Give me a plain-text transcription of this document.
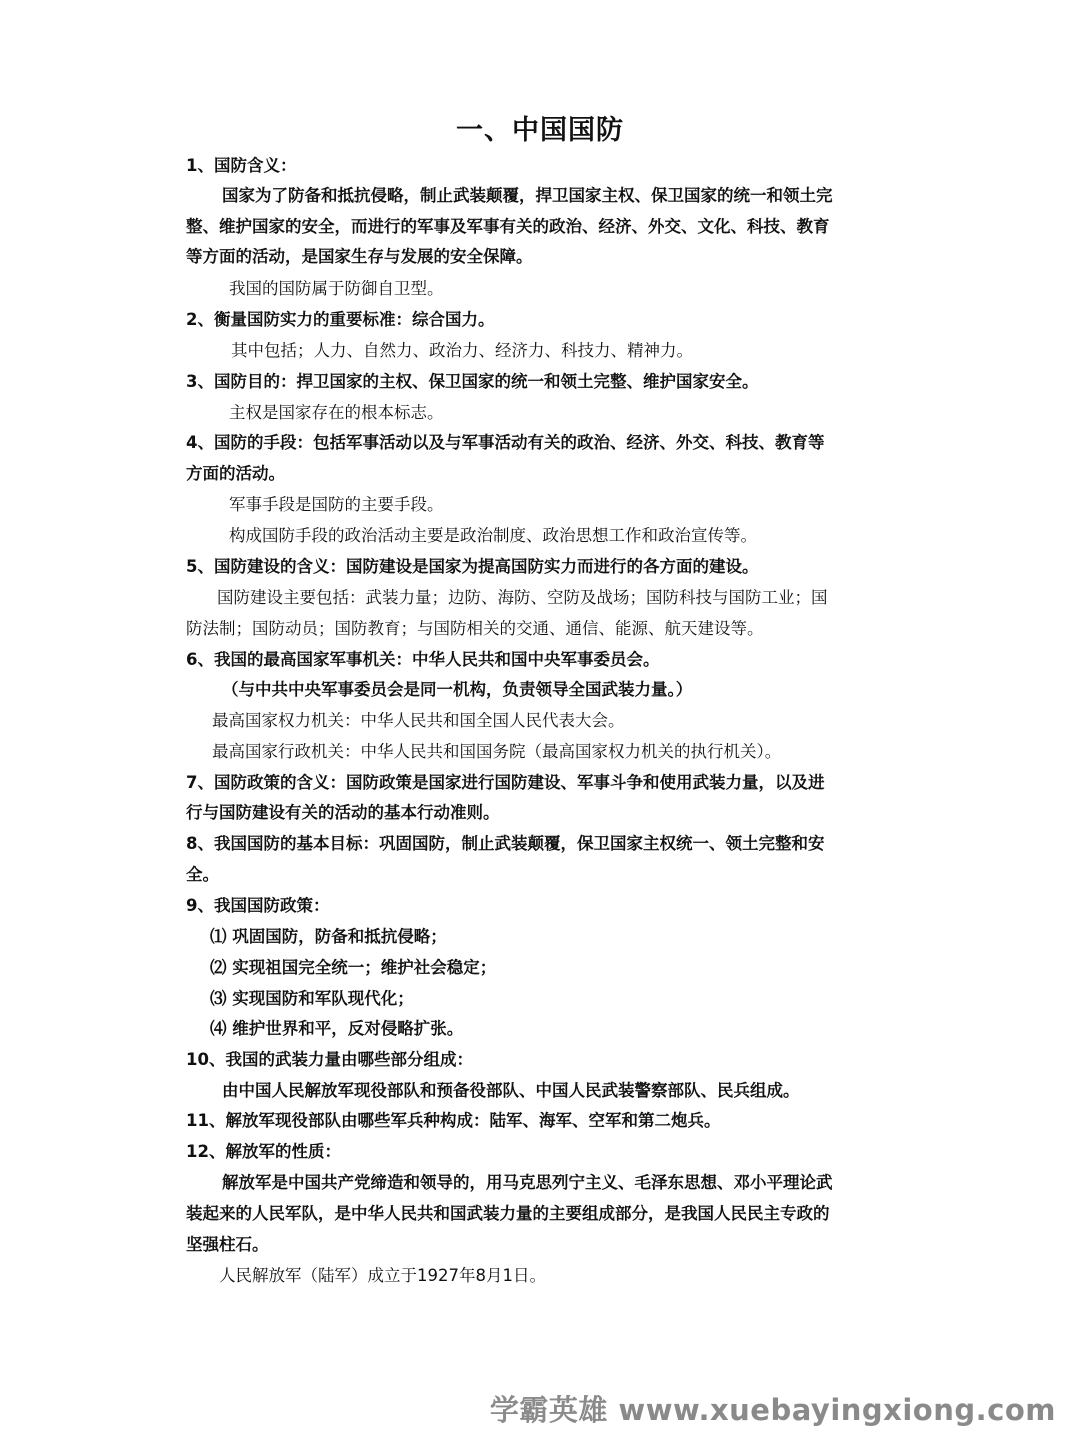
一、中国国防
1、国防含义：
国家为了防备和抵抗侵略，制止武装颠覆，捍卫国家主权、保卫国家的统一和领土完
整、维护国家的安全，而进行的军事及军事有关的政治、经济、外交、文化、科技、教育
等方面的活动，是国家生存与发展的安全保障。
我国的国防属于防御自卫型。
2、衡量国防实力的重要标准：综合国力。
其中包括；人力、自然力、政治力、经济力、科技力、精神力。
3、国防目的：捍卫国家的主权、保卫国家的统一和领土完整、维护国家安全。
主权是国家存在的根本标志。
4、国防的手段：包括军事活动以及与军事活动有关的政治、经济、外交、科技、教育等
方面的活动。
军事手段是国防的主要手段。
构成国防手段的政治活动主要是政治制度、政治思想工作和政治宣传等。
5、国防建设的含义：国防建设是国家为提高国防实力而进行的各方面的建设。
国防建设主要包括：武装力量；边防、海防、空防及战场；国防科技与国防工业；国
防法制；国防动员；国防教育；与国防相关的交通、通信、能源、航天建设等。
6、我国的最高国家军事机关：中华人民共和国中央军事委员会。
（与中共中央军事委员会是同一机构，负责领导全国武装力量。）
最高国家权力机关：中华人民共和国全国人民代表大会。
最高国家行政机关：中华人民共和国国务院（最高国家权力机关的执行机关）。
7、国防政策的含义：国防政策是国家进行国防建设、军事斗争和使用武装力量，以及进
行与国防建设有关的活动的基本行动准则。
8、我国国防的基本目标：巩固国防，制止武装颠覆，保卫国家主权统一、领土完整和安
全。
9、我国国防政策：
⑴ 巩固国防，防备和抵抗侵略；
⑵ 实现祖国完全统一；维护社会稳定；
⑶ 实现国防和军队现代化；
⑷ 维护世界和平，反对侵略扩张。
10、我国的武装力量由哪些部分组成：
由中国人民解放军现役部队和预备役部队、中国人民武装警察部队、民兵组成。
11、解放军现役部队由哪些军兵种构成：陆军、海军、空军和第二炮兵。
12、解放军的性质：
解放军是中国共产党缔造和领导的，用马克思列宁主义、毛泽东思想、邓小平理论武
装起来的人民军队，是中华人民共和国武装力量的主要组成部分，是我国人民民主专政的
坚强柱石。
人民解放军（陆军）成立于1927年8月1日。
学霸英雄 www.xuebayingxiong.com
